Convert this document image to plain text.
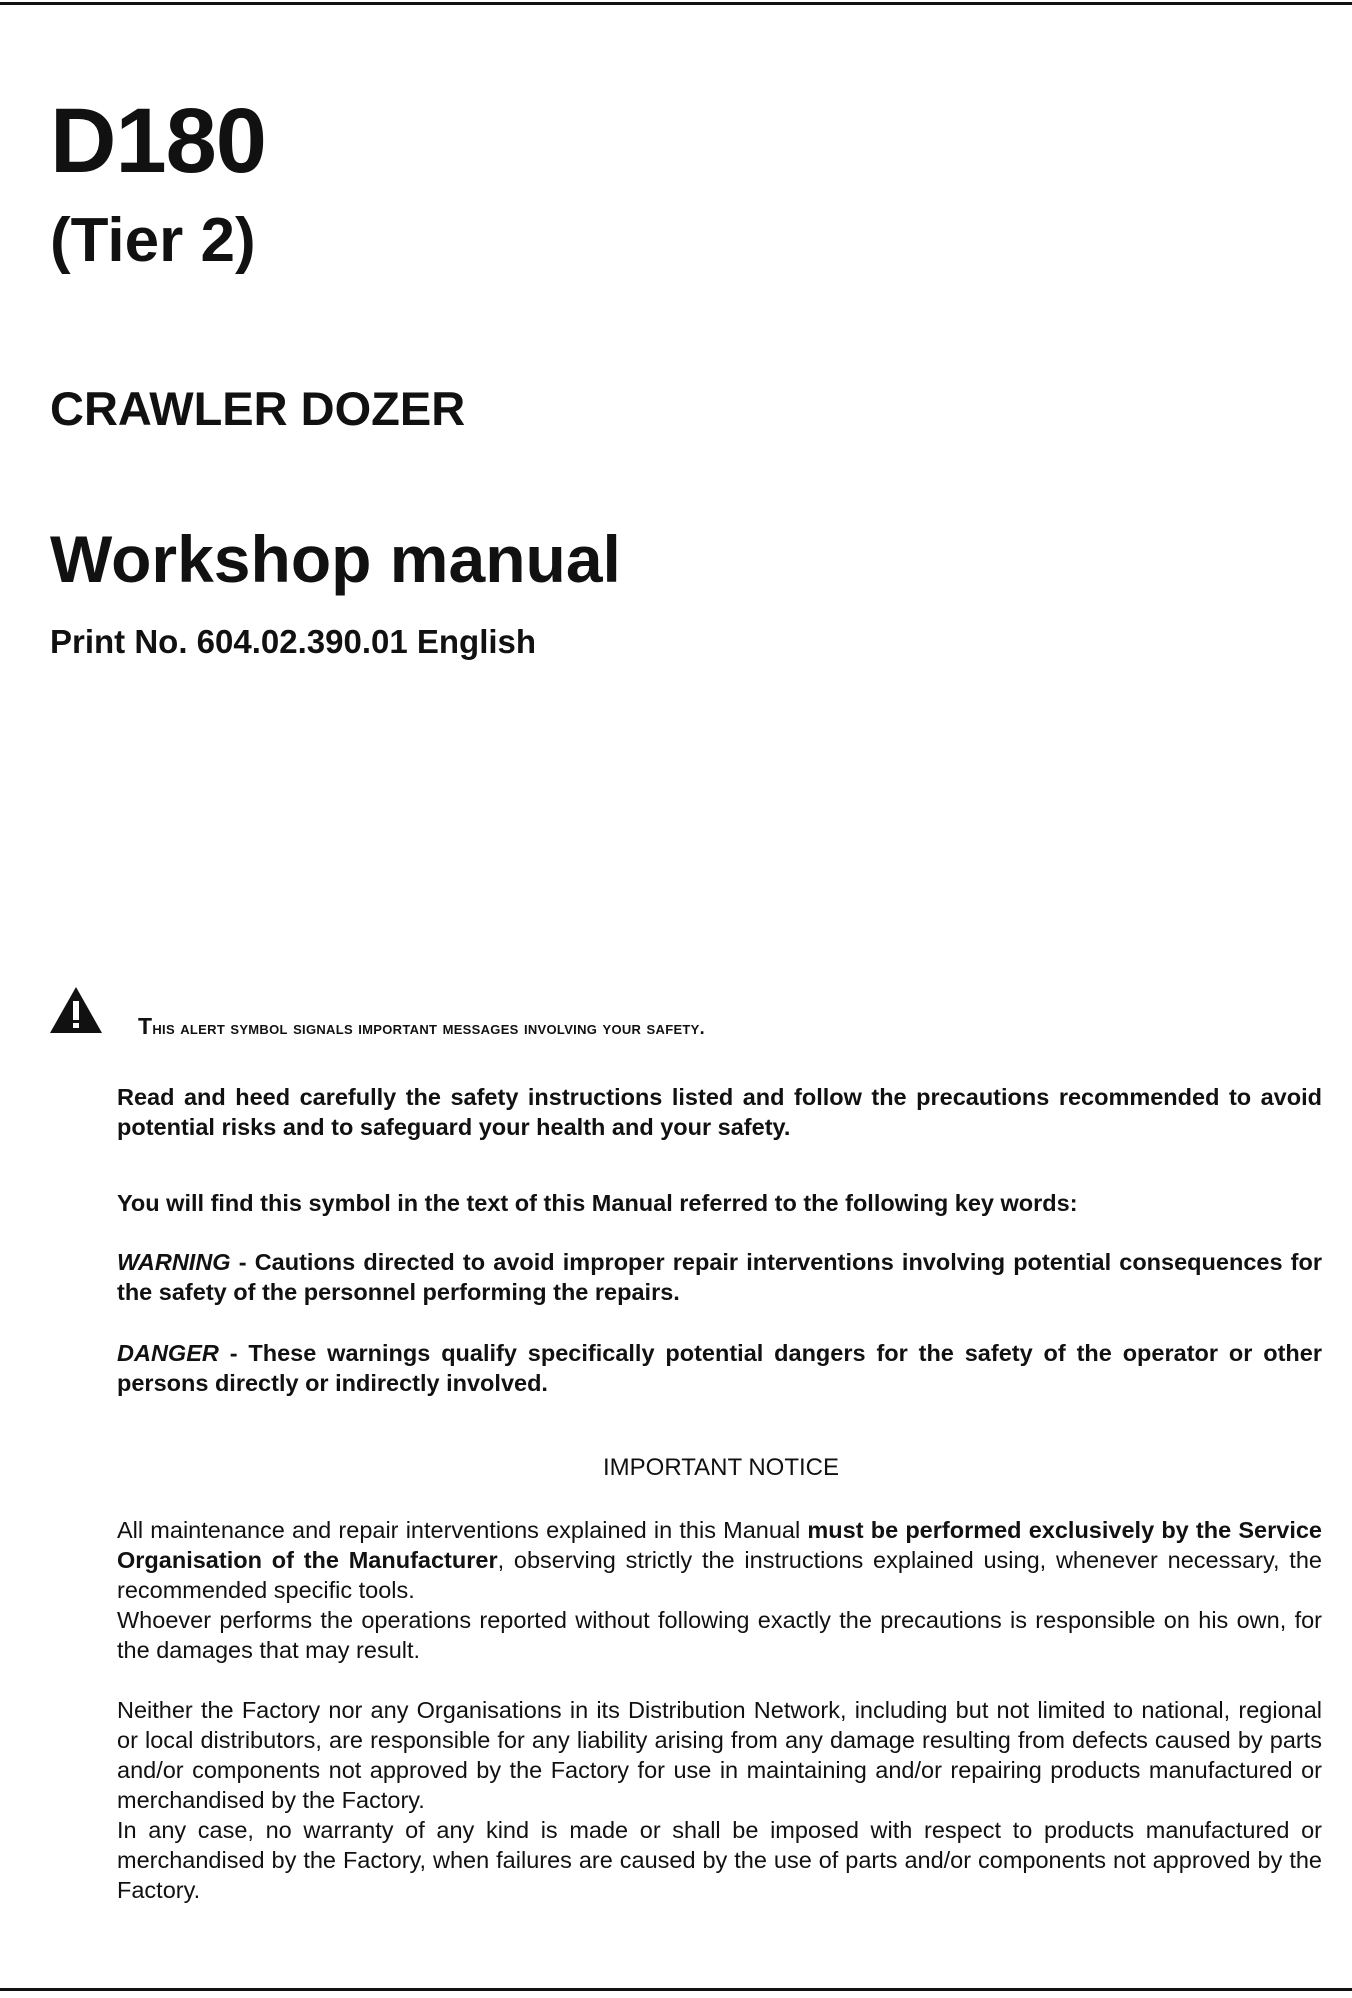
D180
(Tier 2)
CRAWLER DOZER
Workshop manual
Print No. 604.02.390.01 English
This alert symbol signals important messages involving your safety.
Read and heed carefully the safety instructions listed and follow the precautions recommended to avoid potential risks and to safeguard your health and your safety.
You will find this symbol in the text of this Manual referred to the following key words:
WARNING - Cautions directed to avoid improper repair interventions involving potential consequences for the safety of the personnel performing the repairs.
DANGER - These warnings qualify specifically potential dangers for the safety of the operator or other persons directly or indirectly involved.
IMPORTANT NOTICE
All maintenance and repair interventions explained in this Manual must be performed exclusively by the Service Organisation of the Manufacturer, observing strictly the instructions explained using, whenever necessary, the recommended specific tools.
Whoever performs the operations reported without following exactly the precautions is responsible on his own, for the damages that may result.
Neither the Factory nor any Organisations in its Distribution Network, including but not limited to national, regional or local distributors, are responsible for any liability arising from any damage resulting from defects caused by parts and/or components not approved by the Factory for use in maintaining and/or repairing products manufactured or merchandised by the Factory.
In any case, no warranty of any kind is made or shall be imposed with respect to products manufactured or merchandised by the Factory, when failures are caused by the use of parts and/or components not approved by the Factory.
